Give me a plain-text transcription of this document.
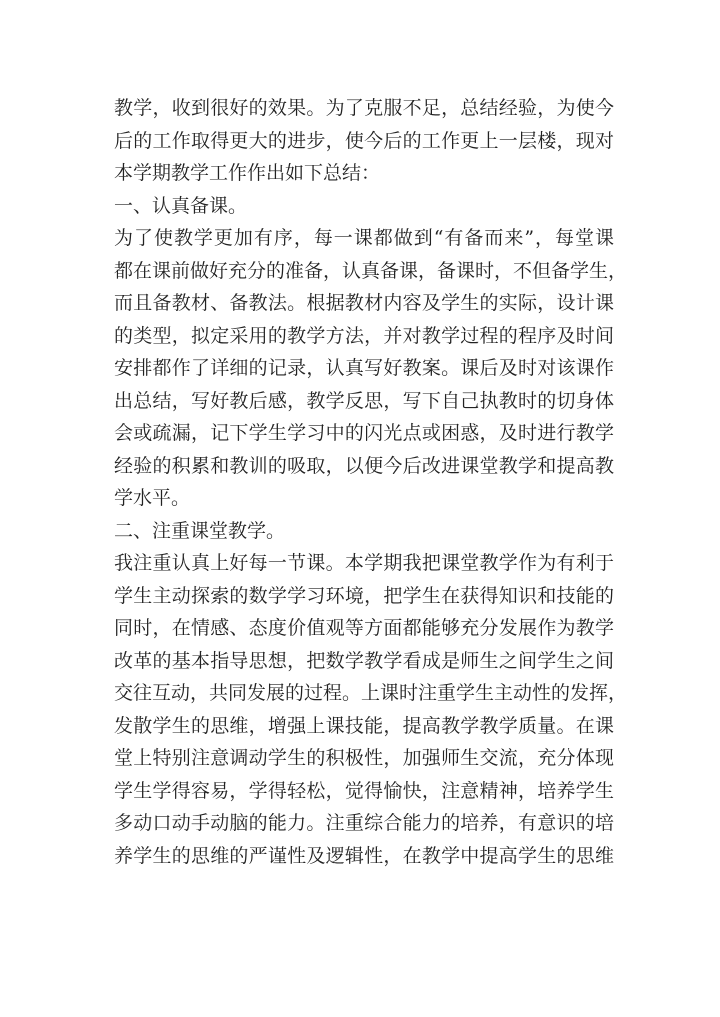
教学，收到很好的效果。为了克服不足，总结经验，为使今
后的工作取得更大的进步，使今后的工作更上一层楼，现对
本学期教学工作作出如下总结：
一、认真备课。
为了使教学更加有序，每一课都做到“有备而来”，每堂课
都在课前做好充分的准备，认真备课，备课时，不但备学生，
而且备教材、备教法。根据教材内容及学生的实际，设计课
的类型，拟定采用的教学方法，并对教学过程的程序及时间
安排都作了详细的记录，认真写好教案。课后及时对该课作
出总结，写好教后感，教学反思，写下自己执教时的切身体
会或疏漏，记下学生学习中的闪光点或困惑，及时进行教学
经验的积累和教训的吸取，以便今后改进课堂教学和提高教
学水平。
二、注重课堂教学。
我注重认真上好每一节课。本学期我把课堂教学作为有利于
学生主动探索的数学学习环境，把学生在获得知识和技能的
同时，在情感、态度价值观等方面都能够充分发展作为教学
改革的基本指导思想，把数学教学看成是师生之间学生之间
交往互动，共同发展的过程。上课时注重学生主动性的发挥，
发散学生的思维，增强上课技能，提高教学教学质量。在课
堂上特别注意调动学生的积极性，加强师生交流，充分体现
学生学得容易，学得轻松，觉得愉快，注意精神，培养学生
多动口动手动脑的能力。注重综合能力的培养，有意识的培
养学生的思维的严谨性及逻辑性，在教学中提高学生的思维
